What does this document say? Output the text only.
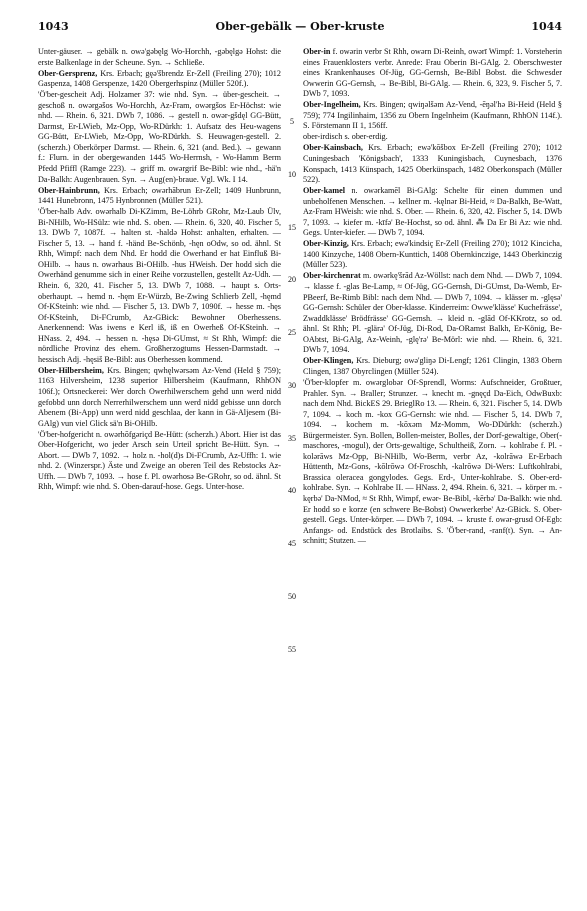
1043	Ober-gebälk — Ober-kruste	1044

Unter-gäuser. → gebälk n. owə'gəbęlg Wo-Horchh, -gəbęlgə Hohst: die erste Balkenlage in der Scheune. Syn. → Schließe.

Ober-Gersprenz, Krs. Erbach; gęə'šbrendz Er-Zell (Freiling 270); 1012 Gaspenza, 1408 Gerspenze, 1420 Obergerhspinz (Müller 520f.).

'Ö'ber-gescheit Adj. Holzamer 37: wie nhd. Syn. → über-gescheit. → geschoß n. owərgəšos Wo-Horchh, Az-Fram, owərgšos Er-Höchst: wie nhd. — Rhein. 6, 321. DWb 7, 1086. → gestell n. owər-gšdęl GG-Bütt, Darmst, Er-LWieb, Mz-Opp, Wo-RDürkh: 1. Aufsatz des Heu-wagens GG-Bütt, Er-LWieb, Mz-Opp, Wo-RDürkh. S. Heuwagen-gestell. 2. (scherzh.) Oberkörper Darmst. — Rhein. 6, 321 (and. Bed.). → gewann f.: Flurn. in der obergewanden 1445 Wo-Herrnsh, - Wo-Hamm Berm Pfedd Pfiffl (Ramge 223). → griff m. owərgrif Be-Bibl: wie nhd., -hä'n Da-Balkh: Augenbrauen. Syn. → Aug(en)-braue. Vgl. Wk. I 14.

Ober-Hainbrunn, Krs. Erbach; owərhābrun Er-Zell; 1409 Hunbrunn, 1441 Hunebronn, 1475 Hynbronnen (Müller 521).

'Ö'ber-halb Adv. owərhalb Di-KZimm, Be-Löhrb GRohr, Mz-Laub Ülv, Bi-NHilb, Wo-HSülz: wie nhd. S. oben. — Rhein. 6, 320, 40. Fischer 5, 13. DWb 7, 1087f. → halten st. -haldə Hohst: anhalten, erhalten. — Fischer 5, 13. → hand f. -händ Be-Schönb, -hęn oOdw, so od. ähnl. St Rhh, Wimpf: nach dem Nhd. Er hodd die Owerhand er hat Einfluß Bi-OHilb. → haus n. owərhaus Bi-OHilb. -hus HWeish. Der hodd sich die Owerhänd genumme sich in einer Reihe vorzustellen, gestellt Az-Udh. — Rhein. 6, 320, 41. Fischer 5, 13. DWb 7, 1088. → haupt s. Orts-oberhaupt. → hemd n. -hęm Er-Würzb, Be-Zwing Schlierb Zell, -hęmd Of-KSteinh: wie nhd. — Fischer 5, 13. DWb 7, 1090f. → hesse m. -hęs Of-KSteinh, Di-FCrumb, Az-GBick: Bewohner Oberhessens. Anerkennend: Was iwens e Kerl iß, iß en Owerheß Of-KSteinh. → HNass. 2, 494. → hessen n. -hęsə Di-GUmst, ≈ St Rhh, Wimpf: die nördliche Provinz des ehem. Großherzogtums Hessen-Darmstadt. → hessisch Adj. -hęsiš Be-Bibl: aus Oberhessen kommend.

Ober-Hilbersheim, Krs. Bingen; qwhęlwərsəm Az-Vend (Held § 759); 1163 Hilversheim, 1238 superior Hilbersheim (Kaufmann, RhhON 106f.); Ortsneckerei: Wer dorch Owerhilwerschem gehd unn werd nidd gefobbd unn dorch Nerrerhilwerschem unn werd nidd gebisse unn dorch Abenem (Bi-App) unn werd nidd geschlaa, der kann in Gä-Aljesem (Bi-GAlg) vun viel Glick sä'n Bi-OHilb.

'Ö'ber-hofgericht n. owərhōfgəriçd Be-Hütt: (scherzh.) Abort. Hier ist das Ober-Hofgericht, wo jeder Arsch sein Urteil spricht Be-Hütt. Syn. → Abort. — DWb 7, 1092. → holz n. -hol(d)s Di-FCrumb, Az-Uffh: 1. wie nhd. 2. (Winzerspr.) Äste und Zweige an oberen Teil des Rebstocks Az-Uffh. — DWb 7, 1093. → hose f. Pl. owərhosə Be-GRohr, so od. ähnl. St Rhh, Wimpf: wie nhd. S. Oben-darauf-hose. Gegs. Unter-hose.

5
10
15
20
25
30
35
40
45
50
55

Ober-in f. owərin verbr St Rhh, owərn Di-Reinh, owərī Wimpf: 1. Vorsteherin eines Frauenklosters verbr. Anrede: Frau Oberin Bi-GAlg. 2. Oberschwester eines Krankenhauses Of-Jüg, GG-Gernsh, Be-Bibl Bobst. die Schwesder Owwerin GG-Gernsh, → Be-Bibl, Bi-GAlg. — Rhein. 6, 323, 9. Fischer 5, 7. DWb 7, 1093.

Ober-Ingelheim, Krs. Bingen; qwiŋəlšəm Az-Vend, -ēŋəl'hə Bi-Heid (Held § 759); 774 Ingilinhaim, 1356 zu Obern Ingelnheim (Kaufmann, RhhON 114f.). S. Förstemann II 1, 156ff.

ober-irdisch s. ober-erdig.

Ober-Kainsbach, Krs. Erbach; ewə'kōšbox Er-Zell (Freiling 270); 1012 Cuningesbach 'Königsbach', 1333 Kuningisbach, Cuynesbach, 1376 Konspach, 1413 Künspach, 1425 Oberkünspach, 1482 Oberkonspach (Müller 522).

Ober-kamel n. owərkamēl Bi-GAlg: Schelte für einen dummen und unbeholfenen Menschen. → kellner m. -kęlnər Bi-Heid, ≈ Da-Balkh, Be-Watt, Az-Fram HWeish: wie nhd. S. Ober. — Rhein. 6, 320, 42. Fischer 5, 14. DWb 7, 1093. → kiefer m. -kīfə' Be-Hochst, so od. ähnl. ⁂ Da Er Bi Az: wie nhd. Gegs. Unter-kiefer. — DWb 7, 1094.

Ober-Kinzig, Krs. Erbach; ewə'kindsiç Er-Zell (Freiling 270); 1012 Kincicha, 1400 Kinzyche, 1408 Obern-Kunttich, 1408 Obernkinczige, 1443 Oberkinczig (Müller 523).

Ober-kirchenrat m. owərkę'šrād Az-Wöllst: nach dem Nhd. — DWb 7, 1094. → klasse f. -glas Be-Lamp, ≈ Of-Jüg, GG-Gernsh, Di-GUmst, Da-Wemb, Er-PBeerf, Be-Rimb Bibl: nach dem Nhd. — DWb 7, 1094. → klässer m. -glęsə' GG-Gernsh: Schüler der Ober-klasse. Kinderreim: Owwe'klässe' Kuchefrässe', Zwaddklässe' Brödfrässe' GG-Gernsh. → kleid n. -glād Of-KKrotz, so od. ähnl. St Rhh; Pl. -glärə' Of-Jüg, Di-Rod, Da-ORamst Balkh, Er-König, Be-OAbtst, Bi-GAlg, Az-Weinh, -glę'rə' Be-Mörl: wie nhd. — Rhein. 6, 321. DWb 7, 1094.

Ober-Klingen, Krs. Dieburg; owə'gliŋə Di-Lengf; 1261 Clingin, 1383 Obern Clingen, 1387 Obyrclingen (Müller 524).

'Ö'ber-klopfer m. owərglobər Of-Sprendl, Worms: Aufschneider, Großtuer, Prahler. Syn. → Braller; Strunzer. → knecht m. -gnęçd Da-Eich, OdwBuxb: nach dem Nhd. BickES 29. BrieglRo 13. — Rhein. 6, 321. Fischer 5, 14. DWb 7, 1094. → koch m. -kox GG-Gernsh: wie nhd. — Fischer 5, 14. DWb 7, 1094. → kochem m. -kōxəm Mz-Momm, Wo-DDürkh: (scherzh.) Bürgermeister. Syn. Bollen, Bollen-meister, Bolles, der Dorf-gewaltige, Ober(-maschores, -mogul), der Orts-gewaltige, Schultheiß, Zorn. → kohlrabe f. Pl. -kolərāws Mz-Opp, Bi-NHilb, Wo-Berm, verbr Az, -kolrāwə Er-Erbach Hüttenth, Mz-Gons, -kōlrōwə Of-Froschh, -kalrōwə Di-Wers: Luftkohlrabi, Brassica oleracea gongylodes. Gegs. Erd-, Unter-kohlrabe. S. Ober-erd-kohlrabe. Syn. → Kohlrabe II. — HNass. 2, 494. Rhein. 6, 321. → körper m. -kęrbə' Da-NMod, ≈ St Rhh, Wimpf, ewər- Be-Bibl, -kērbə' Da-Balkh: wie nhd. Er hodd so e korze (en schwere Be-Bobst) Owwerkerbe' Az-GBick. S. Ober-gestell. Gegs. Unter-körper. — DWb 7, 1094. → kruste f. owər-grusd Of-Egb: Anfangs- od. Endstück des Brotlaibs. S. 'Ö'ber-rand, -ranf(t). Syn. → An-schnitt; Stutzen. —
